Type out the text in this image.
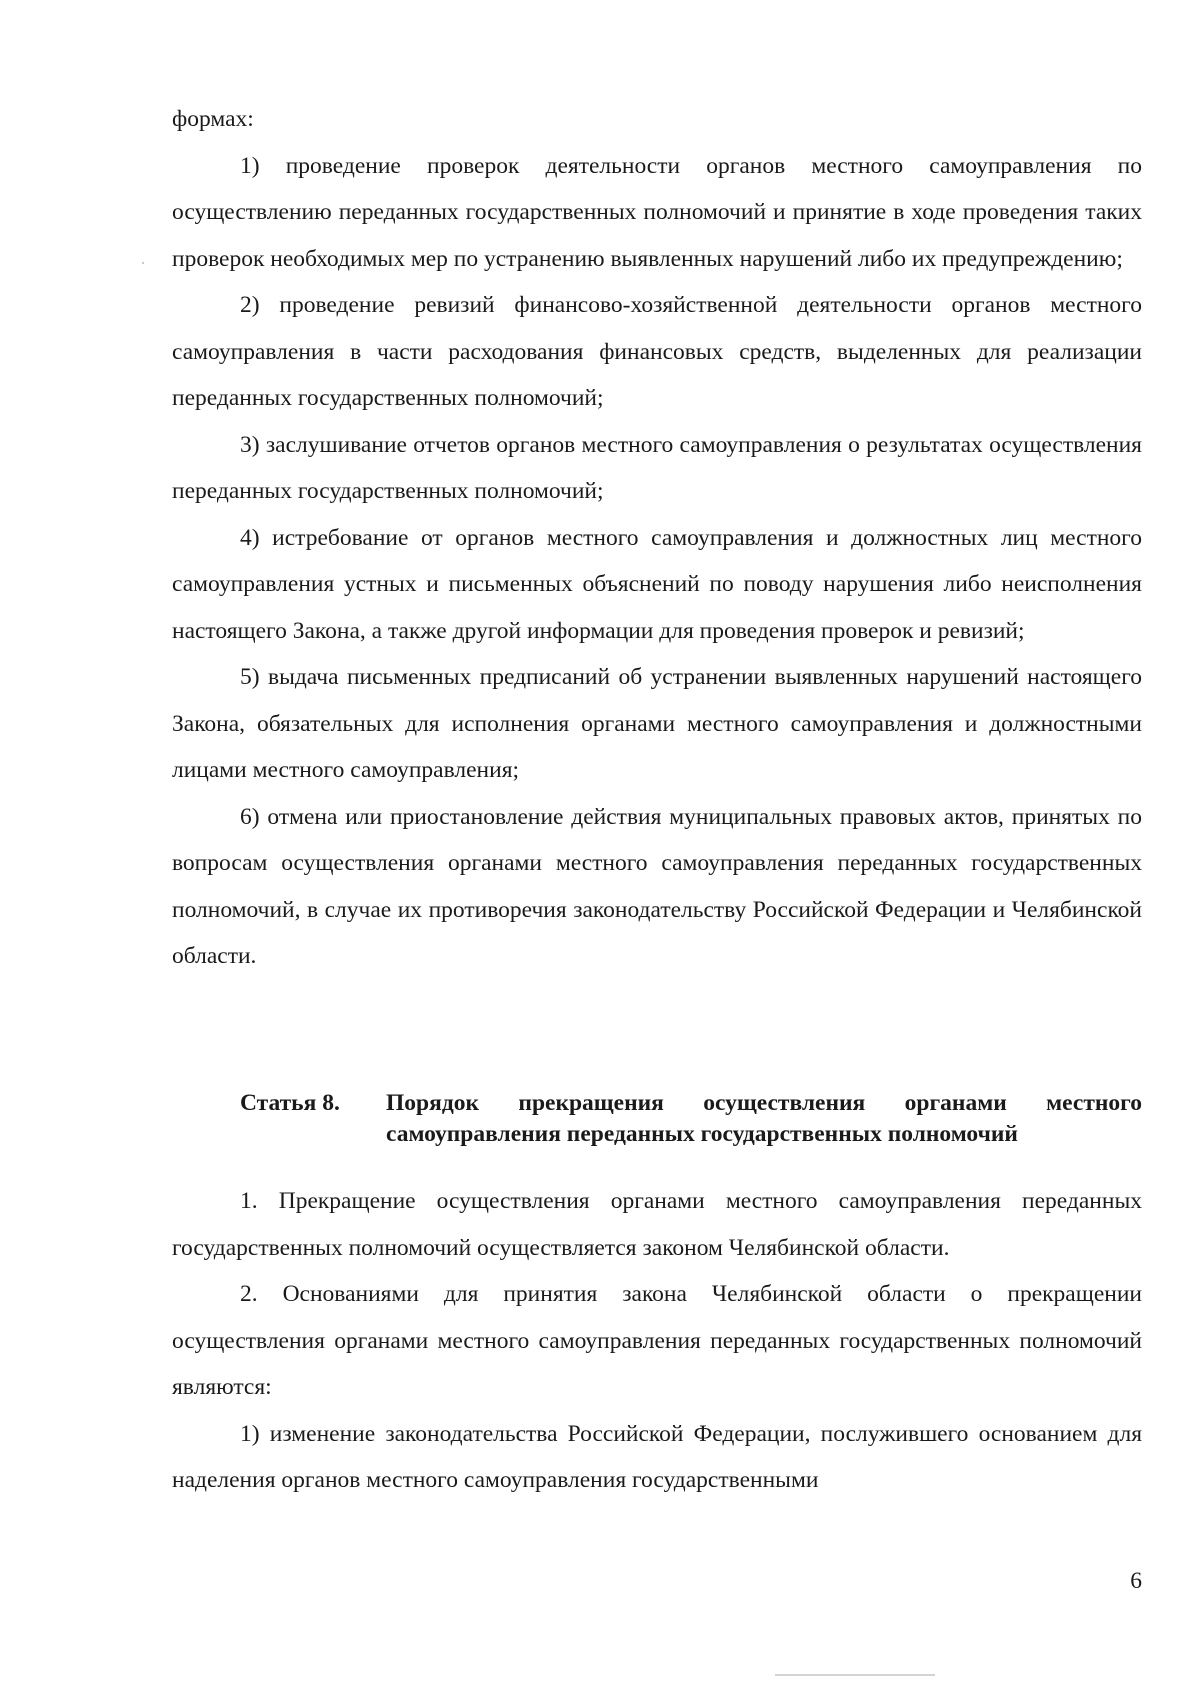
формах:

1) проведение проверок деятельности органов местного самоуправления по осуществлению переданных государственных полномочий и принятие в ходе проведения таких проверок необходимых мер по устранению выявленных нарушений либо их предупреждению;

2) проведение ревизий финансово-хозяйственной деятельности органов местного самоуправления в части расходования финансовых средств, выделенных для реализации переданных государственных полномочий;

3) заслушивание отчетов органов местного самоуправления о результатах осуществления переданных государственных полномочий;

4) истребование от органов местного самоуправления и должностных лиц местного самоуправления устных и письменных объяснений по поводу нарушения либо неисполнения настоящего Закона, а также другой информации для проведения проверок и ревизий;

5) выдача письменных предписаний об устранении выявленных нарушений настоящего Закона, обязательных для исполнения органами местного самоуправления и должностными лицами местного самоуправления;

6) отмена или приостановление действия муниципальных правовых актов, принятых по вопросам осуществления органами местного самоуправления переданных государственных полномочий, в случае их противоречия законодательству Российской Федерации и Челябинской области.

Статья 8.	Порядок прекращения осуществления органами местного самоуправления переданных государственных полномочий

1. Прекращение осуществления органами местного самоуправления переданных государственных полномочий осуществляется законом Челябинской области.

2. Основаниями для принятия закона Челябинской области о прекращении осуществления органами местного самоуправления переданных государственных полномочий являются:

1) изменение законодательства Российской Федерации, послужившего основанием для наделения органов местного самоуправления государственными

6
